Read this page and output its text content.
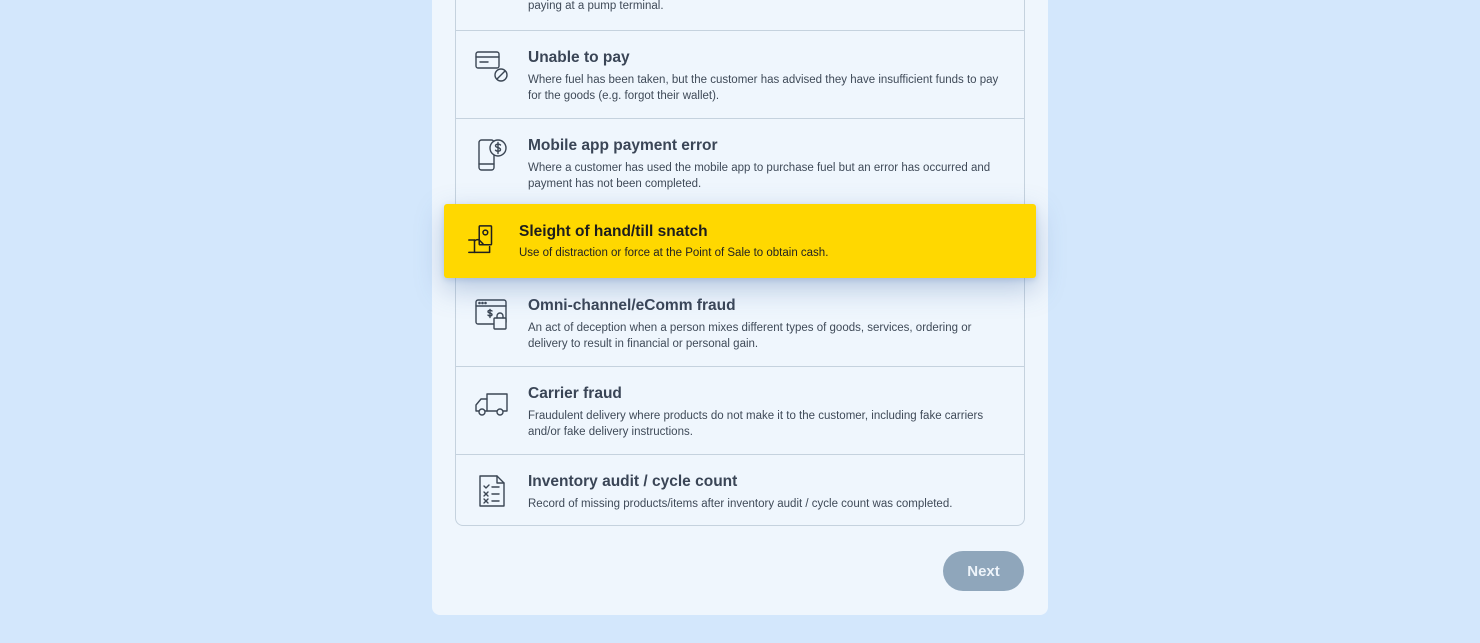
paying at a pump terminal.
Unable to pay
Where fuel has been taken, but the customer has advised they have insufficient funds to pay for the goods (e.g. forgot their wallet).
Mobile app payment error
Where a customer has used the mobile app to purchase fuel but an error has occurred and payment has not been completed.
Omni-channel/eComm fraud
An act of deception when a person mixes different types of goods, services, ordering or delivery to result in financial or personal gain.
Carrier fraud
Fraudulent delivery where products do not make it to the customer, including fake carriers and/or fake delivery instructions.
Inventory audit / cycle count
Record of missing products/items after inventory audit / cycle count was completed.
Sleight of hand/till snatch
Use of distraction or force at the Point of Sale to obtain cash.
Next
